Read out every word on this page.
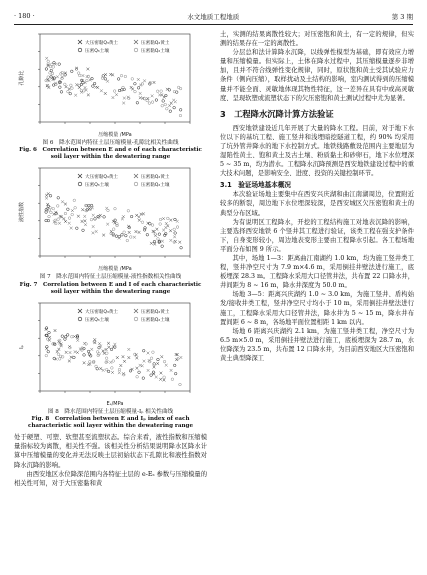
· 180 ·	水文地质工程地质	第 3 期
大压密黏Q₃黄土	压密黏Q₂黄土
压密Q₃土壤	压密黏Q₂土壤
孔隙比
压缩模量 /MPa
图 6　降水范围内特征土层压缩模量-孔隙比相关性曲线
Fig. 6　Correlation between E and e of each characteristic soil layer within the dewatering range
大压密黏Q₃黄土	压密黏Q₂黄土
压密Q₃土壤	压密黏Q₂土壤
液性指数
压缩模量 /MPa
图 7　降水范围内特征土层压缩模量-液性指数相关性曲线
Fig. 7　Correlation between E and I of each characteristic soil layer within the dewatering range
大压密黏Q₃黄土	压密黏Q₂黄土
压密Q₃土壤	压密黏Q₂土壤
Iₚ
Eₛ/MPa
图 8　降水范围内特征土层压缩模量-Iₚ 相关性曲线
Fig. 8　Correlation between E and Iₚ index of each characteristic soil layer within the dewatering range

处于硬塑、可塑、软塑甚至流塑状态。综合来看，液性指数和压缩模量指标较为离散，相关性不强。该相关性分析结果说明降水区降水计算中压缩模量的变化并无法反映土层初始状态下孔隙比和液性指数对降水沉降的影响。

由西安地区水位降深范围内各特征土层的 e-Eₛ 参数与压缩模量的相关性可知，对于大压密黏和黄

土，实测的结果离散性较大；对压密饱和黄土，有一定的规律，但实测的结果存在一定的离散性。

分层总和法计算降水沉降，以线弹性模型为基础，即有效应力增量和压缩模量。但实际上，土体在降水过程中，其压缩模量逐步非增加，且并不符合线弹性变化规律，同时，原状饱和黄土受其试验应力条件（侧向压缩），取样扰动及土结构的影响，室内测试得到的压缩模量并不能全面、灵敏地体现其物性特征，这一差异在具有中或高灵敏度、呈现软塑或流塑状态下的欠压密饱和黄土测试过程中尤为显著。

3　工程降水沉降计算方法验证

西安地铁建设近几年开展了大量的降水工程。目前，对于地下水位以下的基坑工程、施工竖井和浅埋暗挖隧道工程，约 90% 均采用了坑外管井降水的地下水控制方式。地铁线路敷设范围内主要地层为湿陷性黄土、饱和黄土及古土壤、粉质黏土和砂卵石，地下水位埋深 5 ~ 35 m，均为潜水。工程降水沉降预测是西安地铁建设过程中的重大技术问题，是影响安全、进度、投资的关键控制环节。

3.1　验证场地基本概况

本次验证场地主要集中在西安兴庆湖和曲江南湖周边，位置附近较多的断裂，周边地下水位埋深较深，是西安城区欠压密饱和黄土的典型分布区域。

为有说明区工程降水，开挖的工程结构施工对地表沉降的影响，主要选择西安地铁 6 个竖井其工程进行验证，该类工程在强支护条件下，自身变形较小，周边地表变形主要由工程降水引起。各工程场地平面分布如图 9 所示。

其中，场地 1—3：距离曲江南湖约 1.0 km，均为施工竖井类工程，竖井净空尺寸为 7.9 m×4.6 m，采用倒挂井壁法进行施工，底板埋深 28.3 m。工程降水采用大口径管井法，共布置 22 口降水井，井间距为 8 ~ 16 m，降水井深度为 50.0 m。

场地 3—5：距离兴庆湖约 1.0 ~ 3.0 km，为施工竖井、盾构始发/接收井类工程，竖井净空尺寸均小于 10 m，采用倒挂井壁法进行施工，工程降水采用大口径管井法，降水井为 5 ~ 15 m，降水井布置间距 6 ~ 8 m，各场地平面位置相距 1 km 以内。

场地 6 距离兴庆湖约 2.1 km，为施工竖井类工程，净空尺寸为 6.5 m×5.0 m，采用倒挂井壁法进行施工，底板埋深为 28.7 m，水位降深为 23.5 m，共布置 12 口降水井，为目前西安地区大压密饱和黄土典型降深工
